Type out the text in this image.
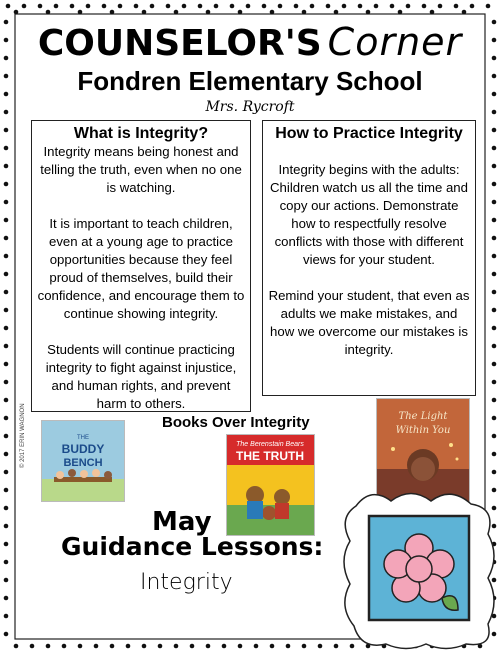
COUNSELOR'S Corner
Fondren Elementary School
Mrs. Rycroft
What is Integrity?
Integrity means being honest and telling the truth, even when no one is watching.
It is important to teach children, even at a young age to practice opportunities because they feel proud of themselves, build their confidence, and encourage them to continue showing integrity.
Students will continue practicing integrity to fight against injustice, and human rights, and prevent harm to others.
How to Practice Integrity
Integrity begins with the adults: Children watch us all the time and copy our actions. Demonstrate how to respectfully resolve conflicts with those with different views for your student.
Remind your student, that even as adults we make mistakes, and how we overcome our mistakes is integrity.
© 2017 ERIN WAGNON	Books Over Integrity
THE
BUDDY
BENCH
The Berenstain Bears
THE TRUTH
The Light
Within You
May
Guidance Lessons:
Integrity
